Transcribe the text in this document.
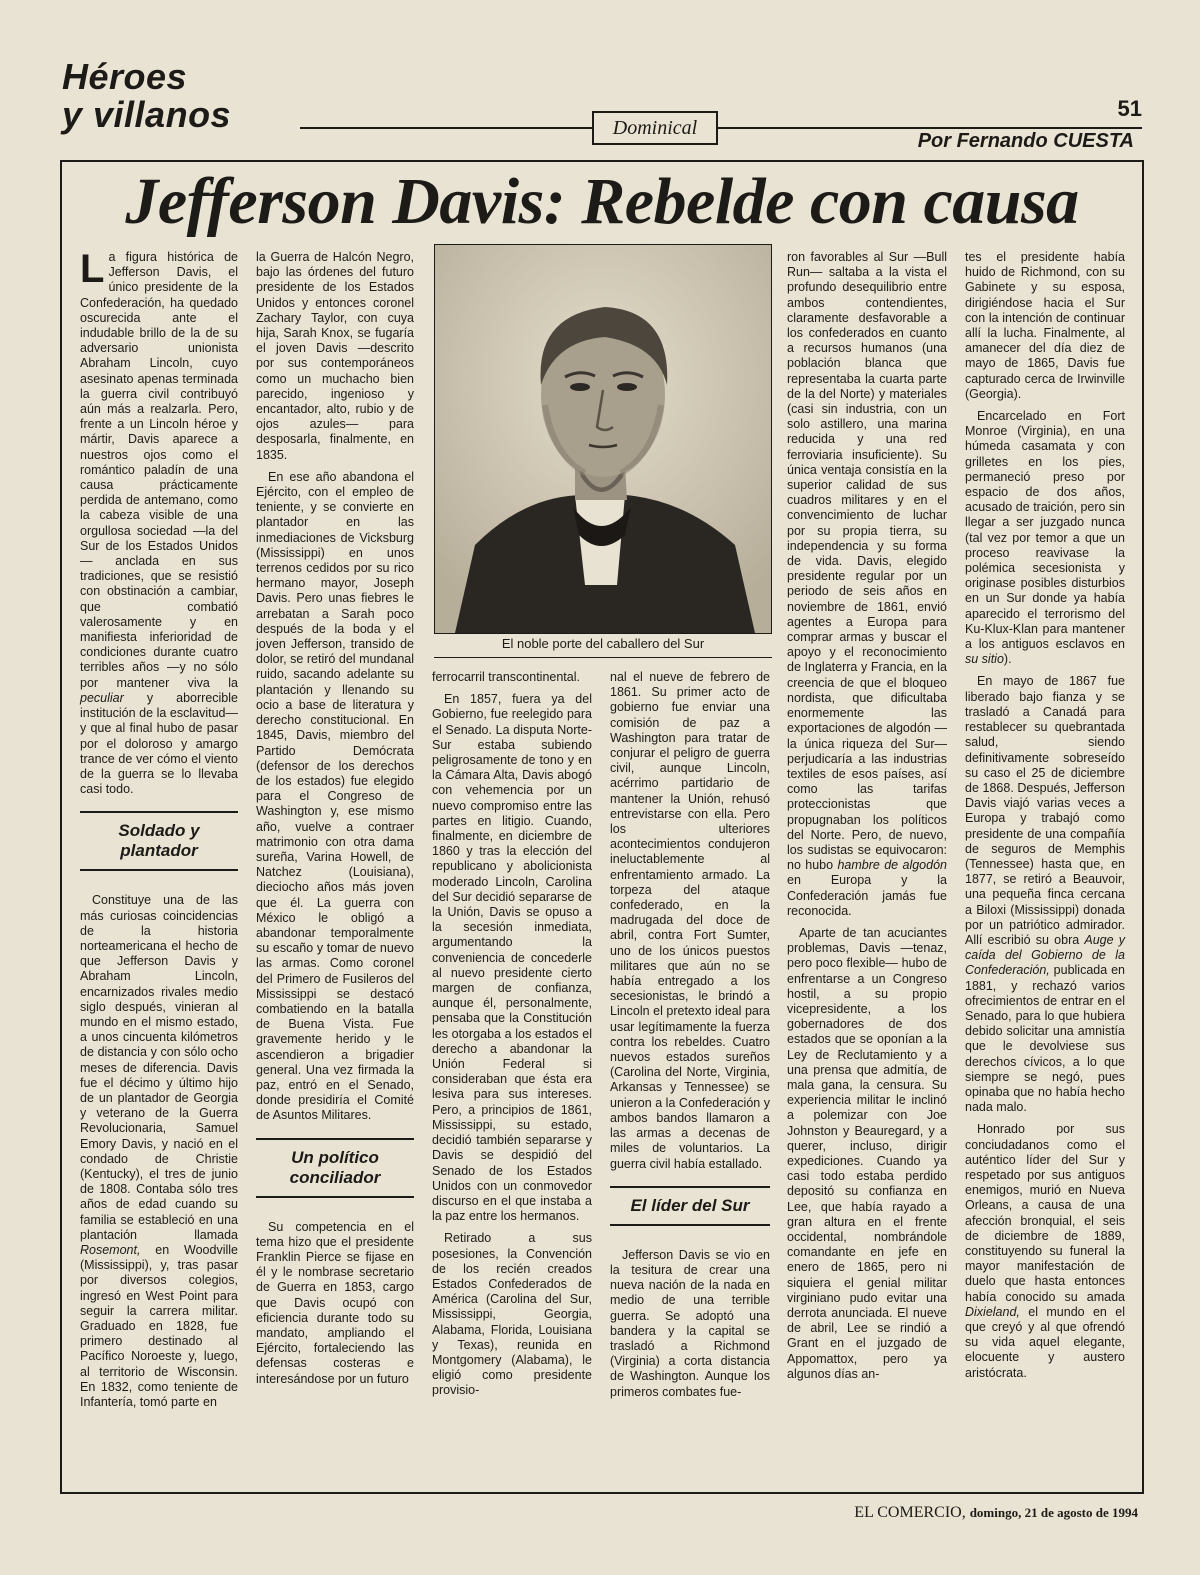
Héroes
y villanos	Dominical
51
Por Fernando CUESTA
Jefferson Davis: Rebelde con causa

La figura histórica de Jefferson Davis, el único presidente de la Confederación, ha quedado oscurecida ante el indudable brillo de la de su adversario unionista Abraham Lincoln, cuyo asesinato apenas terminada la guerra civil contribuyó aún más a realzarla. Pero, frente a un Lincoln héroe y mártir, Davis aparece a nuestros ojos como el romántico paladín de una causa prácticamente perdida de antemano, como la cabeza visible de una orgullosa sociedad —la del Sur de los Estados Unidos— anclada en sus tradiciones, que se resistió con obstinación a cambiar, que combatió valerosamente y en manifiesta inferioridad de condiciones durante cuatro terribles años —y no sólo por mantener viva la peculiar y aborrecible institución de la esclavitud— y que al final hubo de pasar por el doloroso y amargo trance de ver cómo el viento de la guerra se lo llevaba casi todo.

Soldado y plantador

Constituye una de las más curiosas coincidencias de la historia norteamericana el hecho de que Jefferson Davis y Abraham Lincoln, encarnizados rivales medio siglo después, vinieran al mundo en el mismo estado, a unos cincuenta kilómetros de distancia y con sólo ocho meses de diferencia. Davis fue el décimo y último hijo de un plantador de Georgia y veterano de la Guerra Revolucionaria, Samuel Emory Davis, y nació en el condado de Christie (Kentucky), el tres de junio de 1808. Contaba sólo tres años de edad cuando su familia se estableció en una plantación llamada Rosemont, en Woodville (Mississippi), y, tras pasar por diversos colegios, ingresó en West Point para seguir la carrera militar. Graduado en 1828, fue primero destinado al Pacífico Noroeste y, luego, al territorio de Wisconsin. En 1832, como teniente de Infantería, tomó parte en

la Guerra de Halcón Negro, bajo las órdenes del futuro presidente de los Estados Unidos y entonces coronel Zachary Taylor, con cuya hija, Sarah Knox, se fugaría el joven Davis —descrito por sus contemporáneos como un muchacho bien parecido, ingenioso y encantador, alto, rubio y de ojos azules— para desposarla, finalmente, en 1835.

En ese año abandona el Ejército, con el empleo de teniente, y se convierte en plantador en las inmediaciones de Vicksburg (Mississippi) en unos terrenos cedidos por su rico hermano mayor, Joseph Davis. Pero unas fiebres le arrebatan a Sarah poco después de la boda y el joven Jefferson, transido de dolor, se retiró del mundanal ruido, sacando adelante su plantación y llenando su ocio a base de literatura y derecho constitucional. En 1845, Davis, miembro del Partido Demócrata (defensor de los derechos de los estados) fue elegido para el Congreso de Washington y, ese mismo año, vuelve a contraer matrimonio con otra dama sureña, Varina Howell, de Natchez (Louisiana), dieciocho años más joven que él. La guerra con México le obligó a abandonar temporalmente su escaño y tomar de nuevo las armas. Como coronel del Primero de Fusileros del Mississippi se destacó combatiendo en la batalla de Buena Vista. Fue gravemente herido y le ascendieron a brigadier general. Una vez firmada la paz, entró en el Senado, donde presidiría el Comité de Asuntos Militares.

Un político
conciliador

Su competencia en el tema hizo que el presidente Franklin Pierce se fijase en él y le nombrase secretario de Guerra en 1853, cargo que Davis ocupó con eficiencia durante todo su mandato, ampliando el Ejército, fortaleciendo las defensas costeras e interesándose por un futuro

El noble porte del caballero del Sur

ferrocarril transcontinental.

En 1857, fuera ya del Gobierno, fue reelegido para el Senado. La disputa Norte-Sur estaba subiendo peligrosamente de tono y en la Cámara Alta, Davis abogó con vehemencia por un nuevo compromiso entre las partes en litigio. Cuando, finalmente, en diciembre de 1860 y tras la elección del republicano y abolicionista moderado Lincoln, Carolina del Sur decidió separarse de la Unión, Davis se opuso a la secesión inmediata, argumentando la conveniencia de concederle al nuevo presidente cierto margen de confianza, aunque él, personalmente, pensaba que la Constitución les otorgaba a los estados el derecho a abandonar la Unión Federal si consideraban que ésta era lesiva para sus intereses. Pero, a principios de 1861, Mississippi, su estado, decidió también separarse y Davis se despidió del Senado de los Estados Unidos con un conmovedor discurso en el que instaba a la paz entre los hermanos.

Retirado a sus posesiones, la Convención de los recién creados Estados Confederados de América (Carolina del Sur, Mississippi, Georgia, Alabama, Florida, Louisiana y Texas), reunida en Montgomery (Alabama), le eligió como presidente provisio-

nal el nueve de febrero de 1861. Su primer acto de gobierno fue enviar una comisión de paz a Washington para tratar de conjurar el peligro de guerra civil, aunque Lincoln, acérrimo partidario de mantener la Unión, rehusó entrevistarse con ella. Pero los ulteriores acontecimientos condujeron ineluctablemente al enfrentamiento armado. La torpeza del ataque confederado, en la madrugada del doce de abril, contra Fort Sumter, uno de los únicos puestos militares que aún no se había entregado a los secesionistas, le brindó a Lincoln el pretexto ideal para usar legítimamente la fuerza contra los rebeldes. Cuatro nuevos estados sureños (Carolina del Norte, Virginia, Arkansas y Tennessee) se unieron a la Confederación y ambos bandos llamaron a las armas a decenas de miles de voluntarios. La guerra civil había estallado.

El líder del Sur

Jefferson Davis se vio en la tesitura de crear una nueva nación de la nada en medio de una terrible guerra. Se adoptó una bandera y la capital se trasladó a Richmond (Virginia) a corta distancia de Washington. Aunque los primeros combates fue-

ron favorables al Sur —Bull Run— saltaba a la vista el profundo desequilibrio entre ambos contendientes, claramente desfavorable a los confederados en cuanto a recursos humanos (una población blanca que representaba la cuarta parte de la del Norte) y materiales (casi sin industria, con un solo astillero, una marina reducida y una red ferroviaria insuficiente). Su única ventaja consistía en la superior calidad de sus cuadros militares y en el convencimiento de luchar por su propia tierra, su independencia y su forma de vida. Davis, elegido presidente regular por un periodo de seis años en noviembre de 1861, envió agentes a Europa para comprar armas y buscar el apoyo y el reconocimiento de Inglaterra y Francia, en la creencia de que el bloqueo nordista, que dificultaba enormemente las exportaciones de algodón —la única riqueza del Sur— perjudicaría a las industrias textiles de esos países, así como las tarifas proteccionistas que propugnaban los políticos del Norte. Pero, de nuevo, los sudistas se equivocaron: no hubo hambre de algodón en Europa y la Confederación jamás fue reconocida.

Aparte de tan acuciantes problemas, Davis —tenaz, pero poco flexible— hubo de enfrentarse a un Congreso hostil, a su propio vicepresidente, a los gobernadores de dos estados que se oponían a la Ley de Reclutamiento y a una prensa que admitía, de mala gana, la censura. Su experiencia militar le inclinó a polemizar con Joe Johnston y Beauregard, y a querer, incluso, dirigir expediciones. Cuando ya casi todo estaba perdido depositó su confianza en Lee, que había rayado a gran altura en el frente occidental, nombrándole comandante en jefe en enero de 1865, pero ni siquiera el genial militar virginiano pudo evitar una derrota anunciada. El nueve de abril, Lee se rindió a Grant en el juzgado de Appomattox, pero ya algunos días an-

tes el presidente había huido de Richmond, con su Gabinete y su esposa, dirigiéndose hacia el Sur con la intención de continuar allí la lucha. Finalmente, al amanecer del día diez de mayo de 1865, Davis fue capturado cerca de Irwinville (Georgia).

Encarcelado en Fort Monroe (Virginia), en una húmeda casamata y con grilletes en los pies, permaneció preso por espacio de dos años, acusado de traición, pero sin llegar a ser juzgado nunca (tal vez por temor a que un proceso reavivase la polémica secesionista y originase posibles disturbios en un Sur donde ya había aparecido el terrorismo del Ku-Klux-Klan para mantener a los antiguos esclavos en su sitio).

En mayo de 1867 fue liberado bajo fianza y se trasladó a Canadá para restablecer su quebrantada salud, siendo definitivamente sobreseído su caso el 25 de diciembre de 1868. Después, Jefferson Davis viajó varias veces a Europa y trabajó como presidente de una compañía de seguros de Memphis (Tennessee) hasta que, en 1877, se retiró a Beauvoir, una pequeña finca cercana a Biloxi (Mississippi) donada por un patriótico admirador. Allí escribió su obra Auge y caída del Gobierno de la Confederación, publicada en 1881, y rechazó varios ofrecimientos de entrar en el Senado, para lo que hubiera debido solicitar una amnistía que le devolviese sus derechos cívicos, a lo que siempre se negó, pues opinaba que no había hecho nada malo.

Honrado por sus conciudadanos como el auténtico líder del Sur y respetado por sus antiguos enemigos, murió en Nueva Orleans, a causa de una afección bronquial, el seis de diciembre de 1889, constituyendo su funeral la mayor manifestación de duelo que hasta entonces había conocido su amada Dixieland, el mundo en el que creyó y al que ofrendó su vida aquel elegante, elocuente y austero aristócrata.

EL COMERCIO, domingo, 21 de agosto de 1994
